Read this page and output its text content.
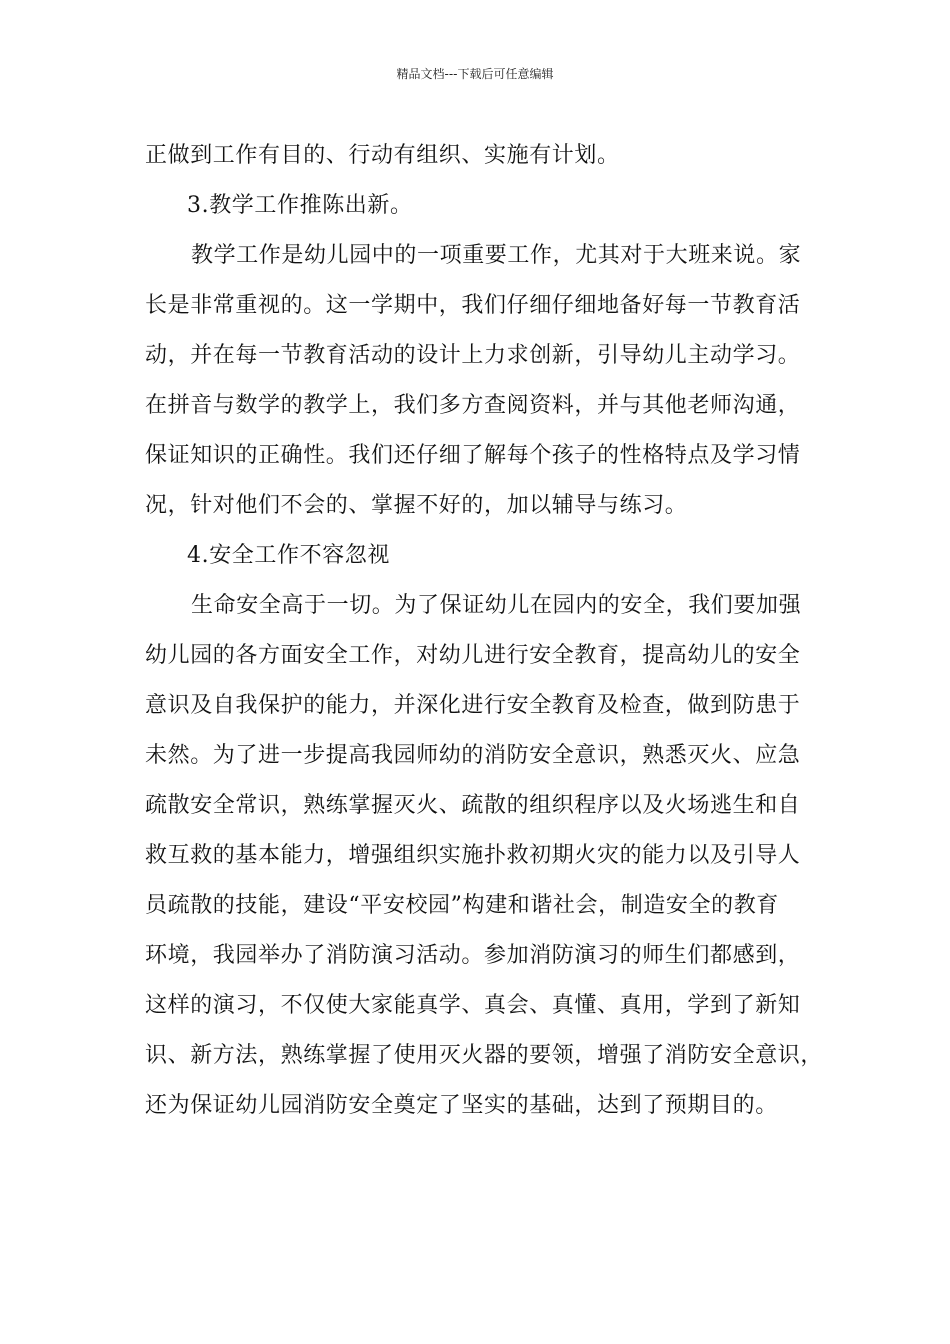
精品文档---下载后可任意编辑
正做到工作有目的、行动有组织、实施有计划。
3.教学工作推陈出新。
教学工作是幼儿园中的一项重要工作，尤其对于大班来说。家
长是非常重视的。这一学期中，我们仔细仔细地备好每一节教育活
动，并在每一节教育活动的设计上力求创新，引导幼儿主动学习。
在拼音与数学的教学上，我们多方查阅资料，并与其他老师沟通，
保证知识的正确性。我们还仔细了解每个孩子的性格特点及学习情
况，针对他们不会的、掌握不好的，加以辅导与练习。
4.安全工作不容忽视
生命安全高于一切。为了保证幼儿在园内的安全，我们要加强
幼儿园的各方面安全工作，对幼儿进行安全教育，提高幼儿的安全
意识及自我保护的能力，并深化进行安全教育及检查，做到防患于
未然。为了进一步提高我园师幼的消防安全意识，熟悉灭火、应急
疏散安全常识，熟练掌握灭火、疏散的组织程序以及火场逃生和自
救互救的基本能力，增强组织实施扑救初期火灾的能力以及引导人
员疏散的技能，建设“平安校园”构建和谐社会，制造安全的教育
环境，我园举办了消防演习活动。参加消防演习的师生们都感到，
这样的演习，不仅使大家能真学、真会、真懂、真用，学到了新知
识、新方法，熟练掌握了使用灭火器的要领，增强了消防安全意识，
还为保证幼儿园消防安全奠定了坚实的基础，达到了预期目的。
